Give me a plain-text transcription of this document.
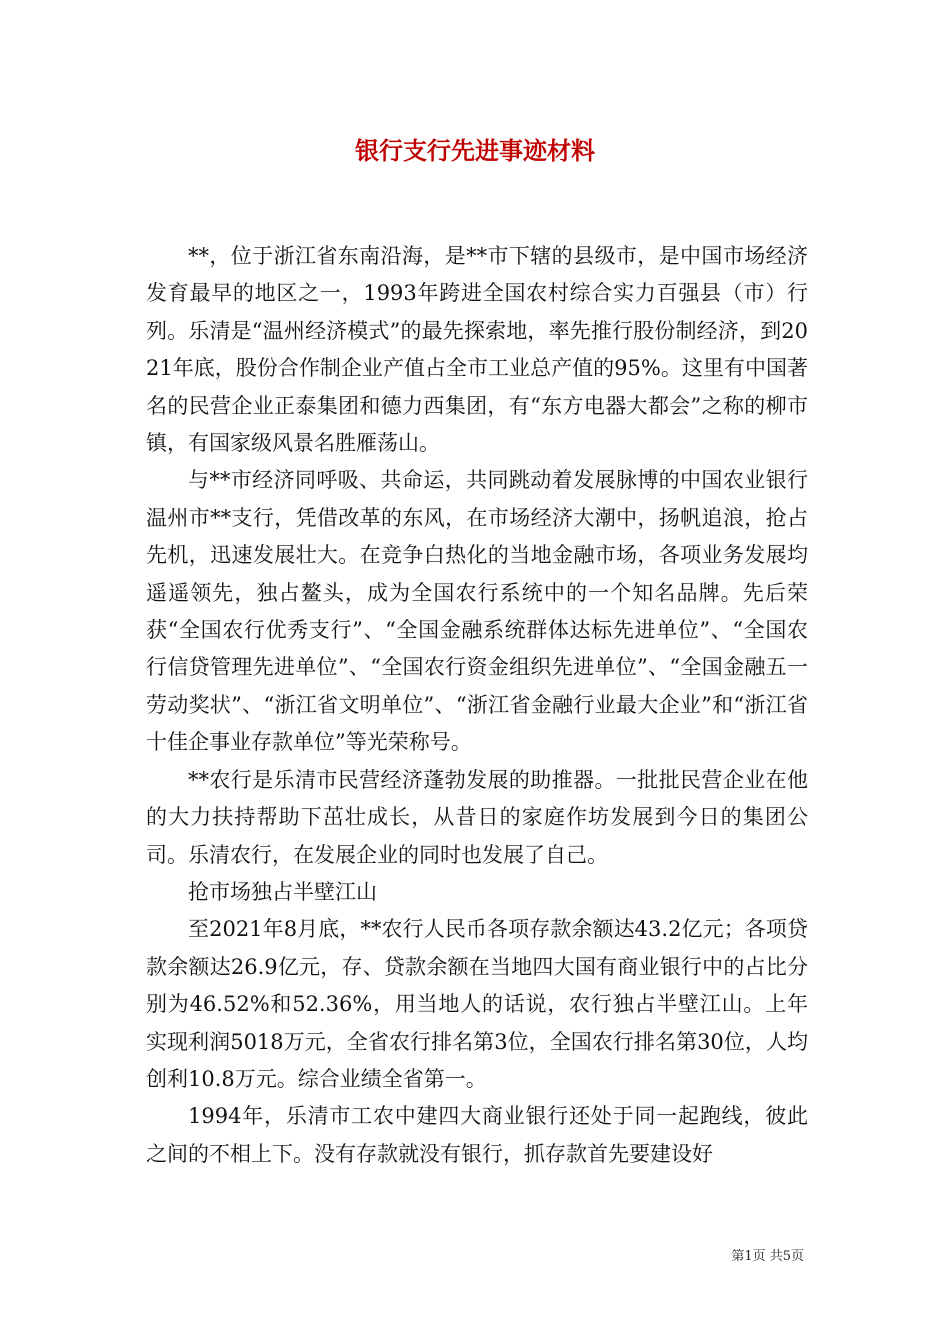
银行支行先进事迹材料

**，位于浙江省东南沿海，是**市下辖的县级市，是中国市场经济发育最早的地区之一，1993年跨进全国农村综合实力百强县（市）行列。乐清是“温州经济模式”的最先探索地，率先推行股份制经济，到2021年底，股份合作制企业产值占全市工业总产值的95%。这里有中国著名的民营企业正泰集团和德力西集团，有“东方电器大都会”之称的柳市镇，有国家级风景名胜雁荡山。

与**市经济同呼吸、共命运，共同跳动着发展脉博的中国农业银行温州市**支行，凭借改革的东风，在市场经济大潮中，扬帆追浪，抢占先机，迅速发展壮大。在竞争白热化的当地金融市场，各项业务发展均遥遥领先，独占鳌头，成为全国农行系统中的一个知名品牌。先后荣获“全国农行优秀支行”、“全国金融系统群体达标先进单位”、“全国农行信贷管理先进单位”、“全国农行资金组织先进单位”、“全国金融五一劳动奖状”、“浙江省文明单位”、“浙江省金融行业最大企业”和“浙江省十佳企事业存款单位”等光荣称号。

**农行是乐清市民营经济蓬勃发展的助推器。一批批民营企业在他的大力扶持帮助下茁壮成长，从昔日的家庭作坊发展到今日的集团公司。乐清农行，在发展企业的同时也发展了自己。

抢市场独占半壁江山

至2021年8月底，**农行人民币各项存款余额达43.2亿元；各项贷款余额达26.9亿元，存、贷款余额在当地四大国有商业银行中的占比分别为46.52%和52.36%，用当地人的话说，农行独占半壁江山。上年实现利润5018万元，全省农行排名第3位，全国农行排名第30位，人均创利10.8万元。综合业绩全省第一。

1994年，乐清市工农中建四大商业银行还处于同一起跑线，彼此之间的不相上下。没有存款就没有银行，抓存款首先要建设好

第1页 共5页
